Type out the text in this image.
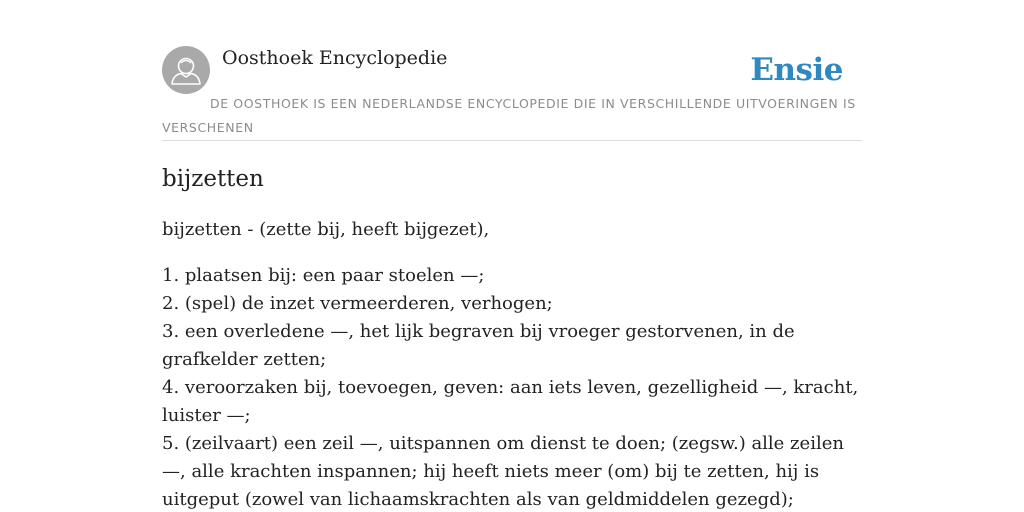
Oosthoek Encyclopedie	Ensie
DE OOSTHOEK IS EEN NEDERLANDSE ENCYCLOPEDIE DIE IN VERSCHILLENDE UITVOERINGEN IS VERSCHENEN
bijzetten

bijzetten - (zette bij, heeft bijgezet),

1. plaatsen bij: een paar stoelen —;
2. (spel) de inzet vermeerderen, verhogen;
3. een overledene —, het lijk begraven bij vroeger gestorvenen, in de grafkelder zetten;
4. veroorzaken bij, toevoegen, geven: aan iets leven, gezelligheid —, kracht, luister —;
5. (zeilvaart) een zeil —, uitspannen om dienst te doen; (zegsw.) alle zeilen —, alle krachten inspannen; hij heeft niets meer (om) bij te zetten, hij is uitgeput (zowel van lichaamskrachten als van geldmiddelen gezegd);
